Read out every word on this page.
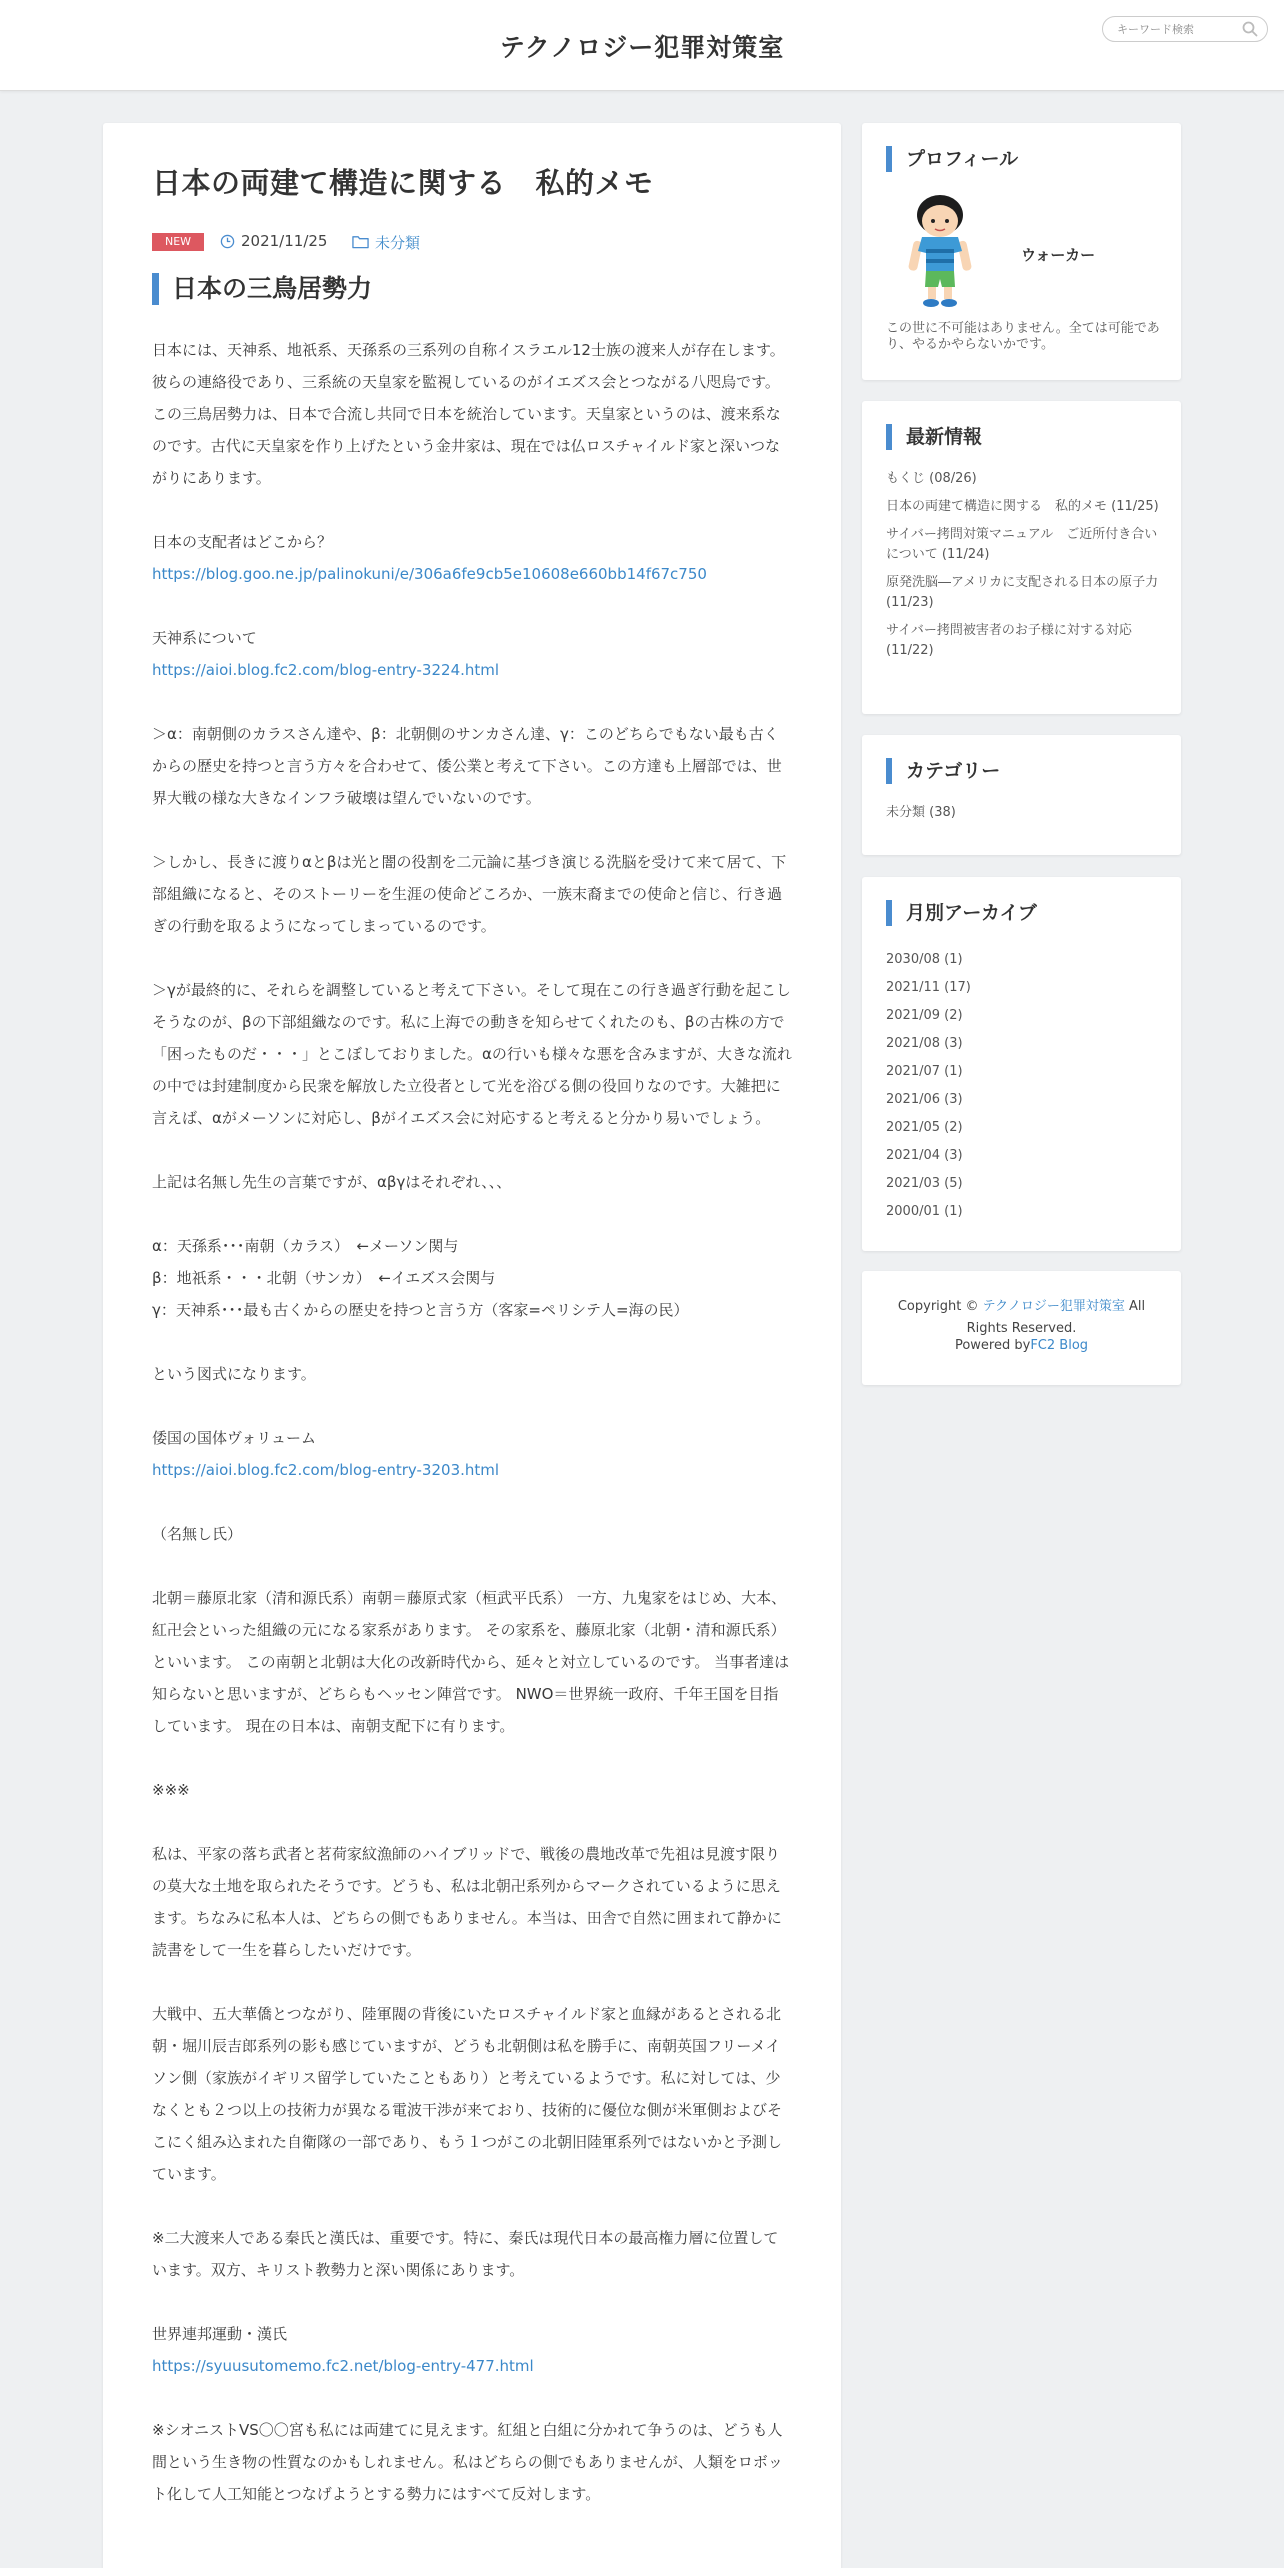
テクノロジー犯罪対策室
キーワード検索
日本の両建て構造に関する　私的メモ
NEW	2021/11/25	未分類
日本の三鳥居勢力

日本には、天神系、地祇系、天孫系の三系列の自称イスラエル12士族の渡来人が存在します。彼らの連絡役であり、三系統の天皇家を監視しているのがイエズス会とつながる八咫烏です。この三鳥居勢力は、日本で合流し共同で日本を統治しています。天皇家というのは、渡来系なのです。古代に天皇家を作り上げたという金井家は、現在では仏ロスチャイルド家と深いつながりにあります。

日本の支配者はどこから？
https://blog.goo.ne.jp/palinokuni/e/306a6fe9cb5e10608e660bb14f67c750

天神系について
https://aioi.blog.fc2.com/blog-entry-3224.html

＞α：南朝側のカラスさん達や、β：北朝側のサンカさん達、γ：このどちらでもない最も古くからの歴史を持つと言う方々を合わせて、倭公業と考えて下さい。この方達も上層部では、世界大戦の様な大きなインフラ破壊は望んでいないのです。

＞しかし、長きに渡りαとβは光と闇の役割を二元論に基づき演じる洗脳を受けて来て居て、下部組織になると、そのストーリーを生涯の使命どころか、一族末裔までの使命と信じ、行き過ぎの行動を取るようになってしまっているのです。

＞γが最終的に、それらを調整していると考えて下さい。そして現在この行き過ぎ行動を起こしそうなのが、βの下部組織なのです。私に上海での動きを知らせてくれたのも、βの古株の方で「困ったものだ・・・」とこぼしておりました。αの行いも様々な悪を含みますが、大きな流れの中では封建制度から民衆を解放した立役者として光を浴びる側の役回りなのです。大雑把に言えば、αがメーソンに対応し、βがイエズス会に対応すると考えると分かり易いでしょう。

上記は名無し先生の言葉ですが、αβγはそれぞれ、、、

α：天孫系･･･南朝（カラス）　←メーソン関与
β：地祇系・・・北朝（サンカ）　←イエズス会関与
γ：天神系･･･最も古くからの歴史を持つと言う方（客家=ペリシテ人=海の民）

という図式になります。

倭国の国体ヴォリューム
https://aioi.blog.fc2.com/blog-entry-3203.html

（名無し氏）

北朝＝藤原北家（清和源氏系）南朝＝藤原式家（桓武平氏系） 一方、九鬼家をはじめ、大本、紅卍会といった組織の元になる家系があります。 その家系を、藤原北家（北朝・清和源氏系）といいます。 この南朝と北朝は大化の改新時代から、延々と対立しているのです。 当事者達は知らないと思いますが、どちらもヘッセン陣営です。 NWO＝世界統一政府、千年王国を目指しています。 現在の日本は、南朝支配下に有ります。

※※※

私は、平家の落ち武者と茗荷家紋漁師のハイブリッドで、戦後の農地改革で先祖は見渡す限りの莫大な土地を取られたそうです。どうも、私は北朝卍系列からマークされているように思えます。ちなみに私本人は、どちらの側でもありません。本当は、田舎で自然に囲まれて静かに読書をして一生を暮らしたいだけです。

大戦中、五大華僑とつながり、陸軍閥の背後にいたロスチャイルド家と血縁があるとされる北朝・堀川辰吉郎系列の影も感じていますが、どうも北朝側は私を勝手に、南朝英国フリーメイソン側（家族がイギリス留学していたこともあり）と考えているようです。私に対しては、少なくとも２つ以上の技術力が異なる電波干渉が来ており、技術的に優位な側が米軍側およびそこにく組み込まれた自衛隊の一部であり、もう１つがこの北朝旧陸軍系列ではないかと予測しています。

※二大渡来人である秦氏と漢氏は、重要です。特に、秦氏は現代日本の最高権力層に位置しています。双方、キリスト教勢力と深い関係にあります。

世界連邦運動・漢氏
https://syuusutomemo.fc2.net/blog-entry-477.html

※シオニストVS〇〇宮も私には両建てに見えます。紅組と白組に分かれて争うのは、どうも人間という生き物の性質なのかもしれません。私はどちらの側でもありませんが、人類をロボット化して人工知能とつなげようとする勢力にはすべて反対します。

プロフィール
ウォーカー

この世に不可能はありません。全ては可能であり、やるかやらないかです。

最新情報
もくじ (08/26)
日本の両建て構造に関する　私的メモ (11/25)
サイバー拷問対策マニュアル　ご近所付き合いについて (11/24)
原発洗脳―アメリカに支配される日本の原子力　　(11/23)
サイバー拷問被害者のお子様に対する対応 (11/22)
カテゴリー
未分類 (38)
月別アーカイブ
2030/08 (1)
2021/11 (17)
2021/09 (2)
2021/08 (3)
2021/07 (1)
2021/06 (3)
2021/05 (2)
2021/04 (3)
2021/03 (5)
2000/01 (1)
Copyright © テクノロジー犯罪対策室 All Rights Reserved.
Powered byFC2 Blog
